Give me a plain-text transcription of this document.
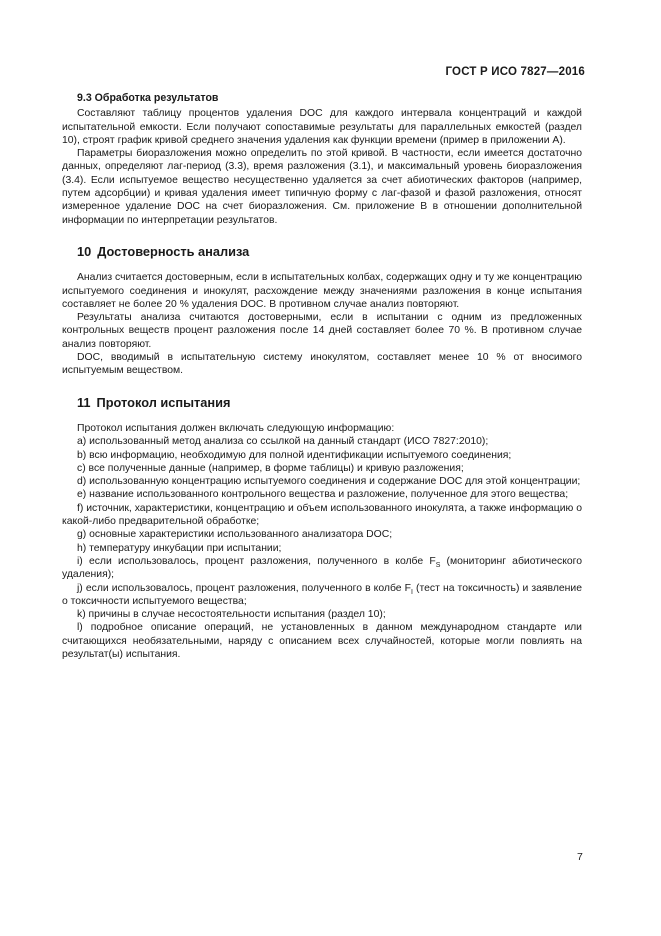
ГОСТ Р ИСО 7827—2016

9.3 Обработка результатов

Составляют таблицу процентов удаления DOC для каждого интервала концентраций и каждой испытательной емкости. Если получают сопоставимые результаты для параллельных емкостей (раздел 10), строят график кривой среднего значения удаления как функции времени (пример в приложении А).

Параметры биоразложения можно определить по этой кривой. В частности, если имеется достаточно данных, определяют лаг-период (3.3), время разложения (3.1), и максимальный уровень биоразложения (3.4). Если испытуемое вещество несущественно удаляется за счет абиотических факторов (например, путем адсорбции) и кривая удаления имеет типичную форму с лаг-фазой и фазой разложения, относят измеренное удаление DOC на счет биоразложения. См. приложение В в отношении дополнительной информации по интерпретации результатов.

10 Достоверность анализа

Анализ считается достоверным, если в испытательных колбах, содержащих одну и ту же концентрацию испытуемого соединения и инокулят, расхождение между значениями разложения в конце испытания составляет не более 20 % удаления DOC. В противном случае анализ повторяют.

Результаты анализа считаются достоверными, если в испытании с одним из предложенных контрольных веществ процент разложения после 14 дней составляет более 70 %. В противном случае анализ повторяют.

DOC, вводимый в испытательную систему инокулятом, составляет менее 10 % от вносимого испытуемым веществом.

11 Протокол испытания

Протокол испытания должен включать следующую информацию:

a) использованный метод анализа со ссылкой на данный стандарт (ИСО 7827:2010);

b) всю информацию, необходимую для полной идентификации испытуемого соединения;

c) все полученные данные (например, в форме таблицы) и кривую разложения;

d) использованную концентрацию испытуемого соединения и содержание DOC для этой концентрации;

e) название использованного контрольного вещества и разложение, полученное для этого вещества;

f) источник, характеристики, концентрацию и объем использованного инокулята, а также информацию о какой-либо предварительной обработке;

g) основные характеристики использованного анализатора DOC;

h) температуру инкубации при испытании;

i) если использовалось, процент разложения, полученного в колбе $F_S$ (мониторинг абиотического удаления);

j) если использовалось, процент разложения, полученного в колбе $F_I$ (тест на токсичность) и заявление о токсичности испытуемого вещества;

k) причины в случае несостоятельности испытания (раздел 10);

l) подробное описание операций, не установленных в данном международном стандарте или считающихся необязательными, наряду с описанием всех случайностей, которые могли повлиять на результат(ы) испытания.

7
